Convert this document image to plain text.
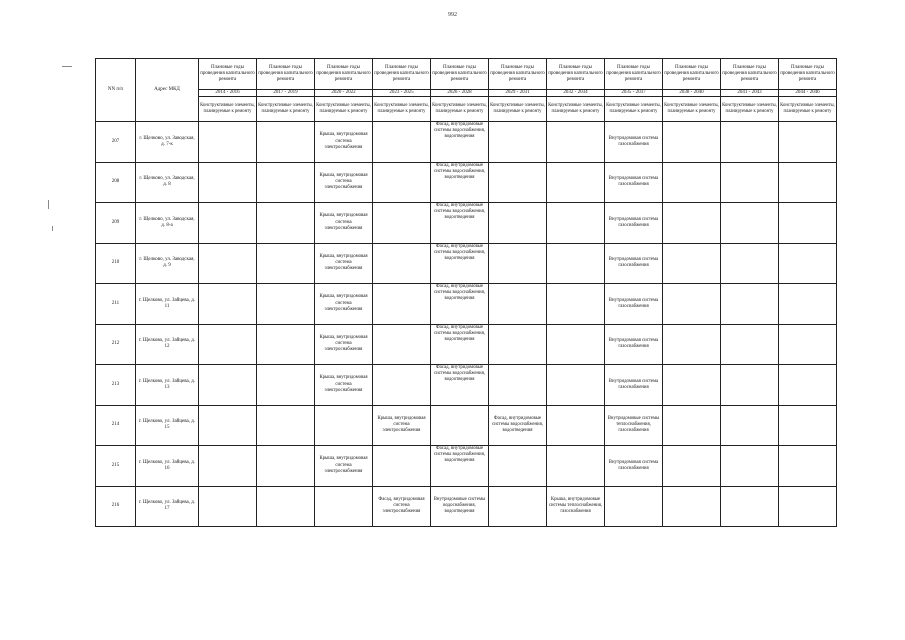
992
NN п/п	Адрес МКД	Плановые годы проведения капитального ремонта	Плановые годы проведения капитального ремонта	Плановые годы проведения капитального ремонта	Плановые годы проведения капитального ремонта	Плановые годы проведения капитального ремонта	Плановые годы проведения капитального ремонта	Плановые годы проведения капитального ремонта	Плановые годы проведения капитального ремонта	Плановые годы проведения капитального ремонта	Плановые годы проведения капитального ремонта	Плановые годы проведения капитального ремонта
		2014 - 2016	2017 - 2019	2020 - 2022	2023 - 2025	2026 - 2028	2029 - 2031	2032 - 2034	2035 - 2037	2038 - 2040	2041 - 2043	2044 - 2046
		Конструктивные элементы, планируемые к ремонту	Конструктивные элементы, планируемые к ремонту	Конструктивные элементы, планируемые к ремонту	Конструктивные элементы, планируемые к ремонту	Конструктивные элементы, планируемые к ремонту	Конструктивные элементы, планируемые к ремонту	Конструктивные элементы, планируемые к ремонту	Конструктивные элементы, планируемые к ремонту	Конструктивные элементы, планируемые к ремонту	Конструктивные элементы, планируемые к ремонту	Конструктивные элементы, планируемые к ремонту
207	г. Щелково, ул. Заводская, д. 7-к			Крыша, внутридомовая система электроснабжения		Фасад, внутридомовые системы водоснабжения, водоотведения			Внутридомовая система газоснабжения			
208	г. Щелково, ул. Заводская, д. 8			Крыша, внутридомовая система электроснабжения		Фасад, внутридомовые системы водоснабжения, водоотведения			Внутридомовая система газоснабжения			
209	г. Щелково, ул. Заводская, д. 8-а			Крыша, внутридомовая система электроснабжения		Фасад, внутридомовые системы водоснабжения, водоотведения			Внутридомовая система газоснабжения			
210	г. Щелково, ул. Заводская, д. 9			Крыша, внутридомовая система электроснабжения		Фасад, внутридомовые системы водоснабжения, водоотведения			Внутридомовая система газоснабжения			
211	г. Щелково, ул. Зайцева, д. 11			Крыша, внутридомовая система электроснабжения		Фасад, внутридомовые системы водоснабжения, водоотведения			Внутридомовая система газоснабжения			
212	г. Щелково, ул. Зайцева, д. 12			Крыша, внутридомовая система электроснабжения		Фасад, внутридомовые системы водоснабжения, водоотведения			Внутридомовая система газоснабжения			
213	г. Щелково, ул. Зайцева, д. 13			Крыша, внутридомовая система электроснабжения		Фасад, внутридомовые системы водоснабжения, водоотведения			Внутридомовая система газоснабжения			
214	г. Щелково, ул. Зайцева, д. 15				Крыша, внутридомовая система электроснабжения		Фасад, внутридомовые системы водоснабжения, водоотведения		Внутридомовые системы теплоснабжения, газоснабжения			
215	г. Щелково, ул. Зайцева, д. 16			Крыша, внутридомовая система электроснабжения		Фасад, внутридомовые системы водоснабжения, водоотведения			Внутридомовая система газоснабжения			
216	г. Щелково, ул. Зайцева, д. 17				Фасад, внутридомовая система электроснабжения	Внутридомовые системы водоснабжения, водоотведения		Крыша, внутридомовые системы теплоснабжения, газоснабжения				
